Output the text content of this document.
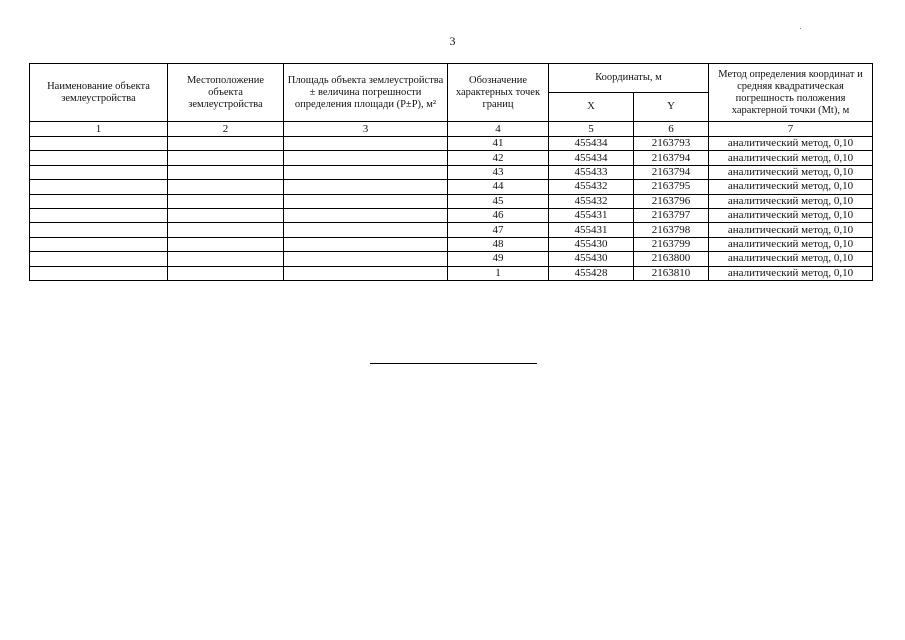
3
Наименование объекта землеустройства	Местоположение объекта землеустройства	Площадь объекта землеустройства ± величина погрешности определения площади (Р±Р), м²	Обозначение характерных точек границ	Координаты, м		Метод определения координат и средняя квадратическая погрешность положения характерной точки (Mt), м
				X	Y	
1	2	3	4	5	6	7
			41	455434	2163793	аналитический метод, 0,10
			42	455434	2163794	аналитический метод, 0,10
			43	455433	2163794	аналитический метод, 0,10
			44	455432	2163795	аналитический метод, 0,10
			45	455432	2163796	аналитический метод, 0,10
			46	455431	2163797	аналитический метод, 0,10
			47	455431	2163798	аналитический метод, 0,10
			48	455430	2163799	аналитический метод, 0,10
			49	455430	2163800	аналитический метод, 0,10
			1	455428	2163810	аналитический метод, 0,10
